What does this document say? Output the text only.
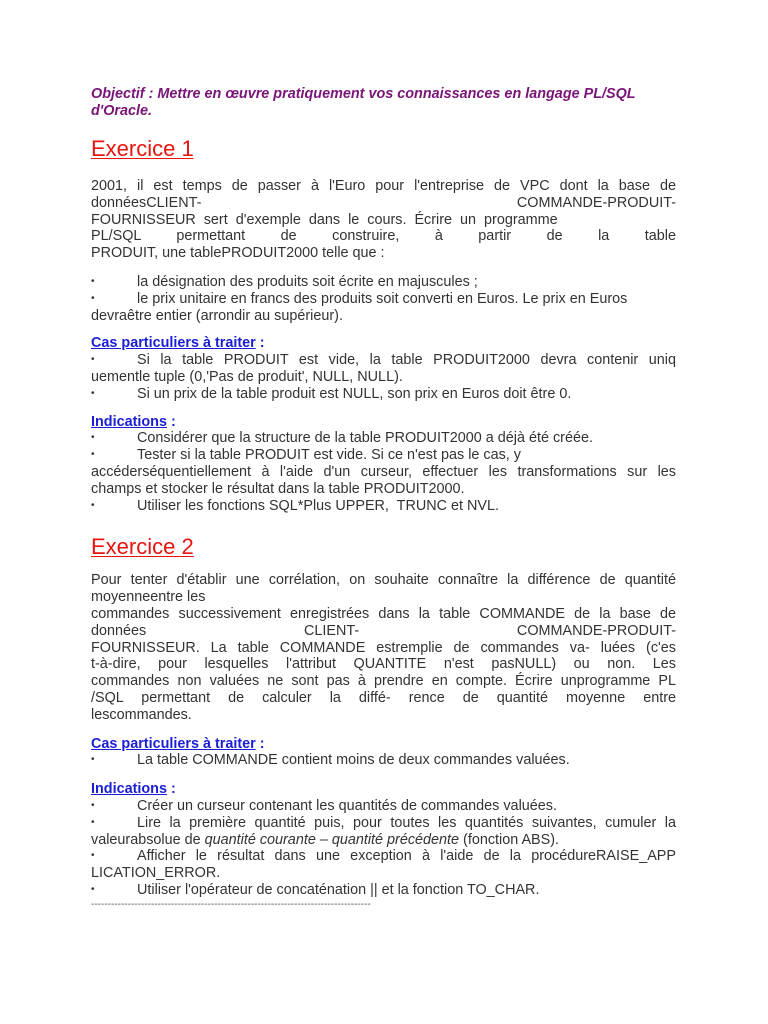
Objectif : Mettre en œuvre pratiquement vos connaissances en langage PL/SQL d'Oracle.

Exercice 1

2001, il est temps de passer à l'Euro pour l'entreprise de VPC dont la base de

donnéesCLIENT-	COMMANDE-PRODUIT-

FOURNISSEUR sert d'exemple dans le cours. Écrire un programme

PL/SQL permettant de construire, à partir de la table

PRODUIT, une tablePRODUIT2000 telle que :

•	la désignation des produits soit écrite en majuscules ;
•	le prix unitaire en francs des produits soit converti en Euros. Le prix en Euros

devraêtre entier (arrondir au supérieur).

Cas particuliers à traiter :

•	Si la table PRODUIT est vide, la table PRODUIT2000 devra contenir uniq

uementle tuple (0,'Pas de produit', NULL, NULL).

•	Si un prix de la table produit est NULL, son prix en Euros doit être 0.

Indications :

•	Considérer que la structure de la table PRODUIT2000 a déjà été créée.
•	Tester si la table PRODUIT est vide. Si ce n'est pas le cas, y

accéderséquentiellement à l'aide d'un curseur, effectuer les transformations sur les

champs et stocker le résultat dans la table PRODUIT2000.

•	Utiliser les fonctions SQL*Plus UPPER,  TRUNC et NVL.
Exercice 2

Pour tenter d'établir une corrélation, on souhaite connaître la différence de quantité

moyenneentre les

commandes successivement enregistrées dans la table COMMANDE de la base de

données CLIENT-	COMMANDE-PRODUIT-

FOURNISSEUR. La table COMMANDE estremplie de commandes va- luées (c'es

t-à-dire, pour lesquelles l'attribut QUANTITE n'est pasNULL) ou non. Les

commandes non valuées ne sont pas à prendre en compte. Écrire unprogramme PL

/SQL permettant de calculer la diffé- rence de quantité moyenne entre

lescommandes.

Cas particuliers à traiter :

•	La table COMMANDE contient moins de deux commandes valuées.

Indications :

•	Créer un curseur contenant les quantités de commandes valuées.
•	Lire la première quantité puis, pour toutes les quantités suivantes, cumuler la

valeurabsolue de quantité courante – quantité précédente (fonction ABS).

•	Afficher le résultat dans une exception à l'aide de la procédureRAISE_APP

LICATION_ERROR.

•	Utiliser l'opérateur de concaténation || et la fonction TO_CHAR.
------------------------------------------------------------------------------------
